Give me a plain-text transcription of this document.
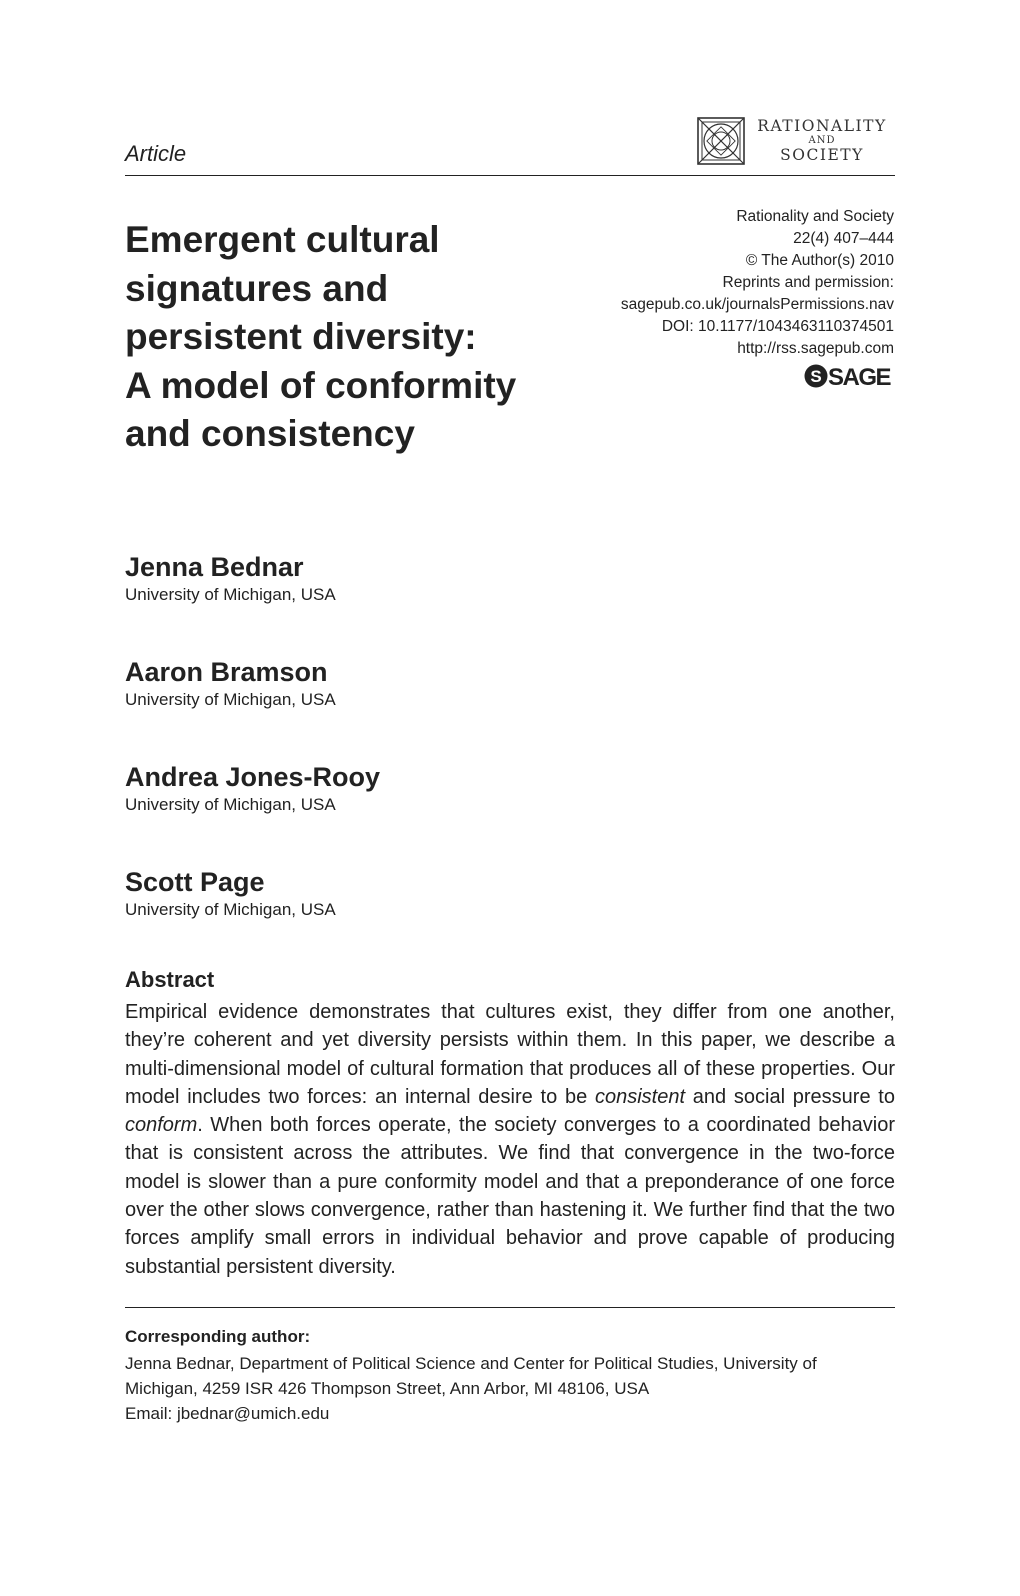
Article
RATIONALITY
AND
SOCIETY
Emergent cultural
signatures and
persistent diversity:
A model of conformity
and consistency
Rationality and Society
22(4) 407–444
© The Author(s) 2010
Reprints and permission:
sagepub.co.uk/journalsPermissions.nav
DOI: 10.1177/1043463110374501
http://rss.sagepub.com
S SAGE
Jenna Bednar
University of Michigan, USA
Aaron Bramson
University of Michigan, USA
Andrea Jones-Rooy
University of Michigan, USA
Scott Page
University of Michigan, USA
Abstract

Empirical evidence demonstrates that cultures exist, they differ from one another, they’re coherent and yet diversity persists within them. In this paper, we describe a multi-dimensional model of cultural formation that produces all of these properties. Our model includes two forces: an internal desire to be consistent and social pressure to conform. When both forces operate, the society converges to a coordinated behavior that is consistent across the attributes. We find that convergence in the two-force model is slower than a pure conformity model and that a preponderance of one force over the other slows convergence, rather than hastening it. We further find that the two forces amplify small errors in individual behavior and prove capable of producing substantial persistent diversity.

Corresponding author:
Jenna Bednar, Department of Political Science and Center for Political Studies, University of
Michigan, 4259 ISR 426 Thompson Street, Ann Arbor, MI 48106, USA
Email: jbednar@umich.edu
